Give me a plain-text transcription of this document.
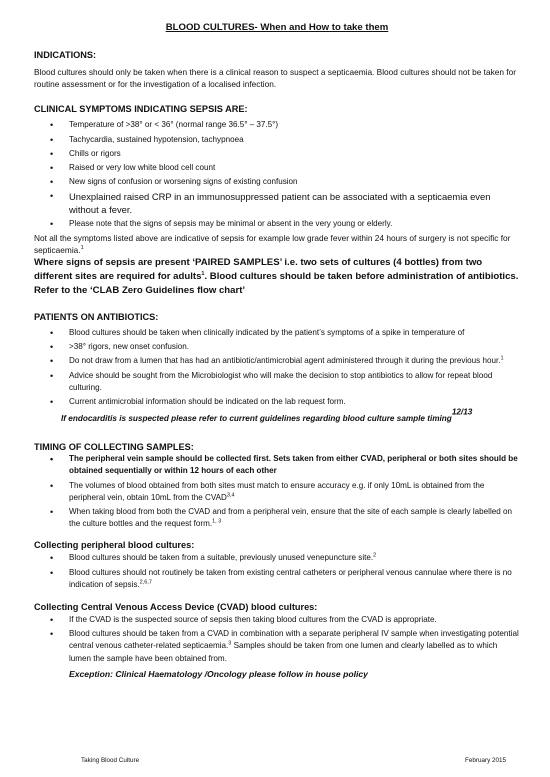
BLOOD CULTURES- When and How to take them
INDICATIONS:

Blood cultures should only be taken when there is a clinical reason to suspect a septicaemia. Blood cultures should not be taken for routine assessment or for the investigation of a localised infection.

CLINICAL SYMPTOMS INDICATING SEPSIS ARE:
• Temperature of >38° or < 36° (normal range 36.5° – 37.5°)
• Tachycardia, sustained hypotension, tachypnoea
• Chills or rigors
• Raised or very low white blood cell count
• New signs of confusion or worsening signs of existing confusion
• Unexplained raised CRP in an immunosuppressed patient can be associated with a septicaemia even without a fever.
• Please note that the signs of sepsis may be minimal or absent in the very young or elderly.

Not all the symptoms listed above are indicative of sepsis for example low grade fever within 24 hours of surgery is not specific for septicaemia.$^1$

Where signs of sepsis are present ‘PAIRED SAMPLES’ i.e. two sets of cultures (4 bottles) from two different sites are required for adults$^1$. Blood cultures should be taken before administration of antibiotics. Refer to the ‘CLAB Zero Guidelines flow chart’

PATIENTS ON ANTIBIOTICS:
• Blood cultures should be taken when clinically indicated by the patient’s symptoms of a spike in temperature of
• >38° rigors, new onset confusion.
• Do not draw from a lumen that has had an antibiotic/antimicrobial agent administered through it during the previous hour.$^1$
• Advice should be sought from the Microbiologist who will make the decision to stop antibiotics to allow for repeat blood culturing.
• Current antimicrobial information should be indicated on the lab request form.
If endocarditis is suspected please refer to current guidelines regarding blood culture sample timing$^{12/13}$
TIMING OF COLLECTING SAMPLES:
• The peripheral vein sample should be collected first. Sets taken from either CVAD, peripheral or both sites should be obtained sequentially or within 12 hours of each other
• The volumes of blood obtained from both sites must match to ensure accuracy e.g. if only 10mL is obtained from the peripheral vein, obtain 10mL from the CVAD$^{3,4}$
• When taking blood from both the CVAD and from a peripheral vein, ensure that the site of each sample is clearly labelled on the culture bottles and the request form.$^{1, 3}$
Collecting peripheral blood cultures:
• Blood cultures should be taken from a suitable, previously unused venepuncture site.$^2$
• Blood cultures should not routinely be taken from existing central catheters or peripheral venous cannulae where there is no indication of sepsis.$^{2,6,7}$
Collecting Central Venous Access Device (CVAD) blood cultures:
• If the CVAD is the suspected source of sepsis then taking blood cultures from the CVAD is appropriate.
• Blood cultures should be taken from a CVAD in combination with a separate peripheral IV sample when investigating potential central venous catheter-related septicaemia.$^3$ Samples should be taken from one lumen and clearly labelled as to which lumen the sample have been obtained from.
Exception: Clinical Haematology /Oncology please follow in house policy
Taking Blood Culture	February 2015
